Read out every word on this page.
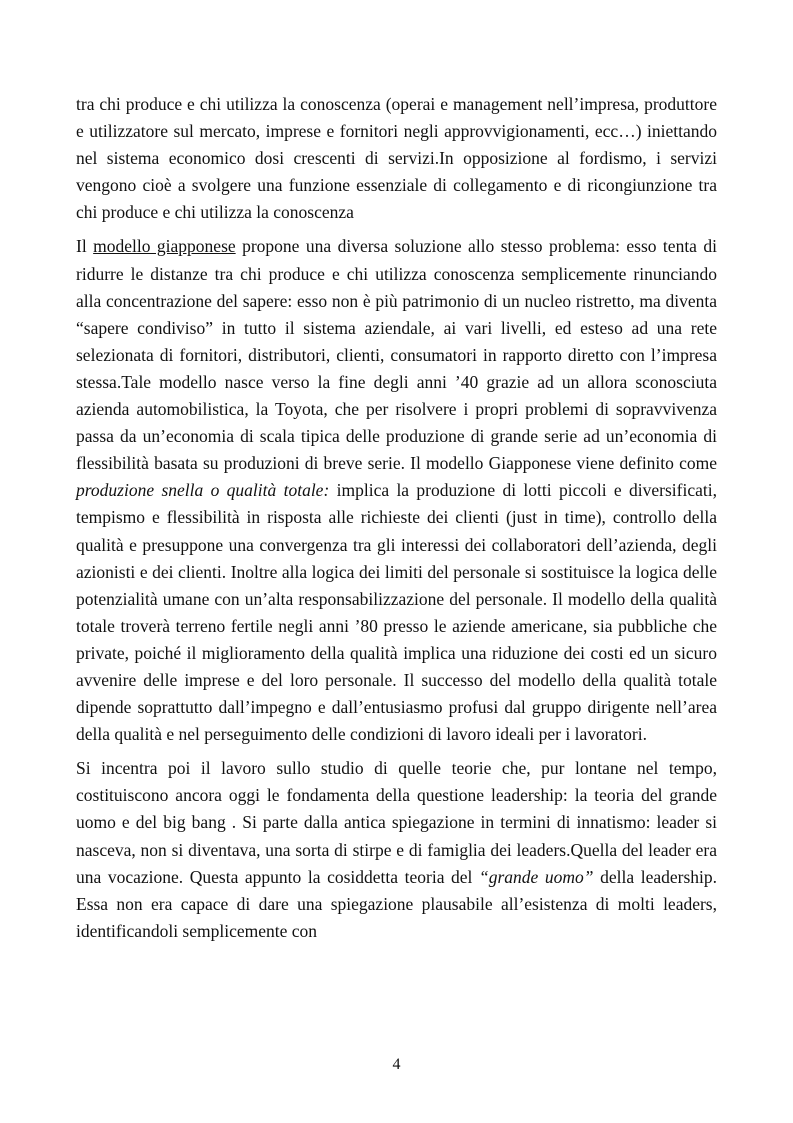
tra chi produce e chi utilizza la conoscenza (operai e management nell’impresa, produttore e utilizzatore sul mercato, imprese e fornitori negli approvvigionamenti, ecc…) iniettando nel sistema economico dosi crescenti di servizi.In opposizione al fordismo, i servizi vengono cioè a svolgere una funzione essenziale di collegamento e di ricongiunzione tra chi produce e chi utilizza la conoscenza

Il modello giapponese propone una diversa soluzione allo stesso problema: esso tenta di ridurre le distanze tra chi produce e chi utilizza conoscenza semplicemente rinunciando alla concentrazione del sapere: esso non è più patrimonio di un nucleo ristretto, ma diventa “sapere condiviso” in tutto il sistema aziendale, ai vari livelli, ed esteso ad una rete selezionata di fornitori, distributori, clienti, consumatori in rapporto diretto con l’impresa stessa.Tale modello nasce verso la fine degli anni ’40 grazie ad un allora sconosciuta azienda automobilistica, la Toyota, che per risolvere i propri problemi di sopravvivenza passa da un’economia di scala tipica delle produzione di grande serie ad un’economia di flessibilità basata su produzioni di breve serie. Il modello Giapponese viene definito come produzione snella o qualità totale: implica la produzione di lotti piccoli e diversificati, tempismo e flessibilità in risposta alle richieste dei clienti (just in time), controllo della qualità e presuppone una convergenza tra gli interessi dei collaboratori dell’azienda, degli azionisti e dei clienti. Inoltre alla logica dei limiti del personale si sostituisce la logica delle potenzialità umane con un’alta responsabilizzazione del personale. Il modello della qualità totale troverà terreno fertile negli anni ’80 presso le aziende americane, sia pubbliche che private, poiché il miglioramento della qualità implica una riduzione dei costi ed un sicuro avvenire delle imprese e del loro personale. Il successo del modello della qualità totale dipende soprattutto dall’impegno e dall’entusiasmo profusi dal gruppo dirigente nell’area della qualità e nel perseguimento delle condizioni di lavoro ideali per i lavoratori.

Si incentra poi il lavoro sullo studio di quelle teorie che, pur lontane nel tempo, costituiscono ancora oggi le fondamenta della questione leadership: la teoria del grande uomo e del big bang . Si parte dalla antica spiegazione in termini di innatismo: leader si nasceva, non si diventava, una sorta di stirpe e di famiglia dei leaders.Quella del leader era una vocazione. Questa appunto la cosiddetta teoria del “grande uomo” della leadership. Essa non era capace di dare una spiegazione plausabile all’esistenza di molti leaders, identificandoli semplicemente con

4
